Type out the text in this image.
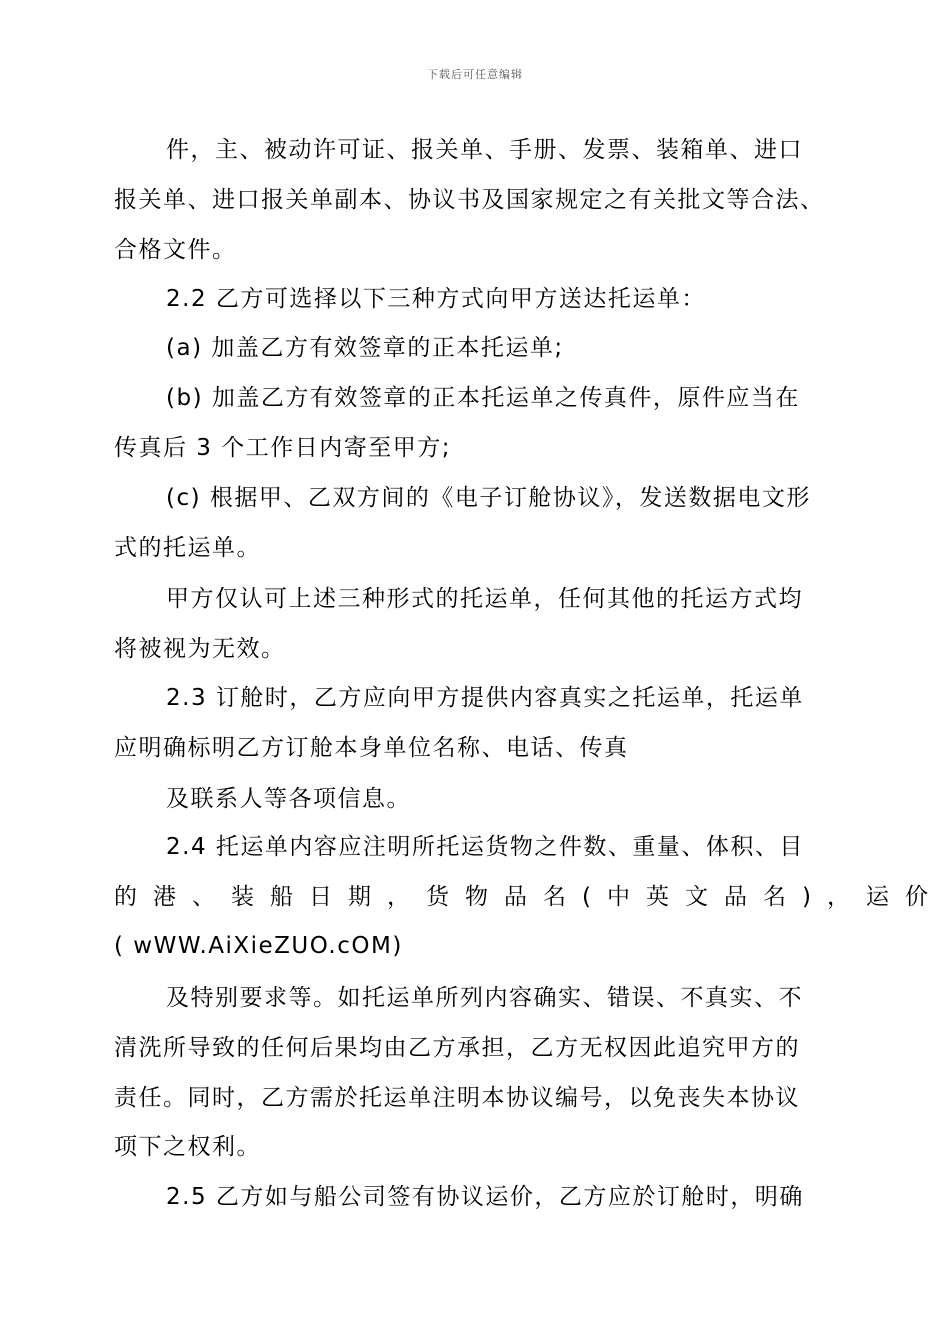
下载后可任意编辑
件，主、被动许可证、报关单、手册、发票、装箱单、进口
报关单、进口报关单副本、协议书及国家规定之有关批文等合法、
合格文件。
2.2 乙方可选择以下三种方式向甲方送达托运单：
(a) 加盖乙方有效签章的正本托运单;
(b) 加盖乙方有效签章的正本托运单之传真件，原件应当在
传真后 3 个工作日内寄至甲方;
(c) 根据甲、乙双方间的《电子订舱协议》，发送数据电文形
式的托运单。
甲方仅认可上述三种形式的托运单，任何其他的托运方式均
将被视为无效。
2.3 订舱时，乙方应向甲方提供内容真实之托运单，托运单
应明确标明乙方订舱本身单位名称、电话、传真
及联系人等各项信息。
2.4 托运单内容应注明所托运货物之件数、重量、体积、目
的港、装船日期，货物品名(中英文品名)，运价
( wWW.AiXieZUO.cOM)
及特别要求等。如托运单所列内容确实、错误、不真实、不
清洗所导致的任何后果均由乙方承担，乙方无权因此追究甲方的
责任。同时，乙方需於托运单注明本协议编号，以免丧失本协议
项下之权利。
2.5 乙方如与船公司签有协议运价，乙方应於订舱时，明确
